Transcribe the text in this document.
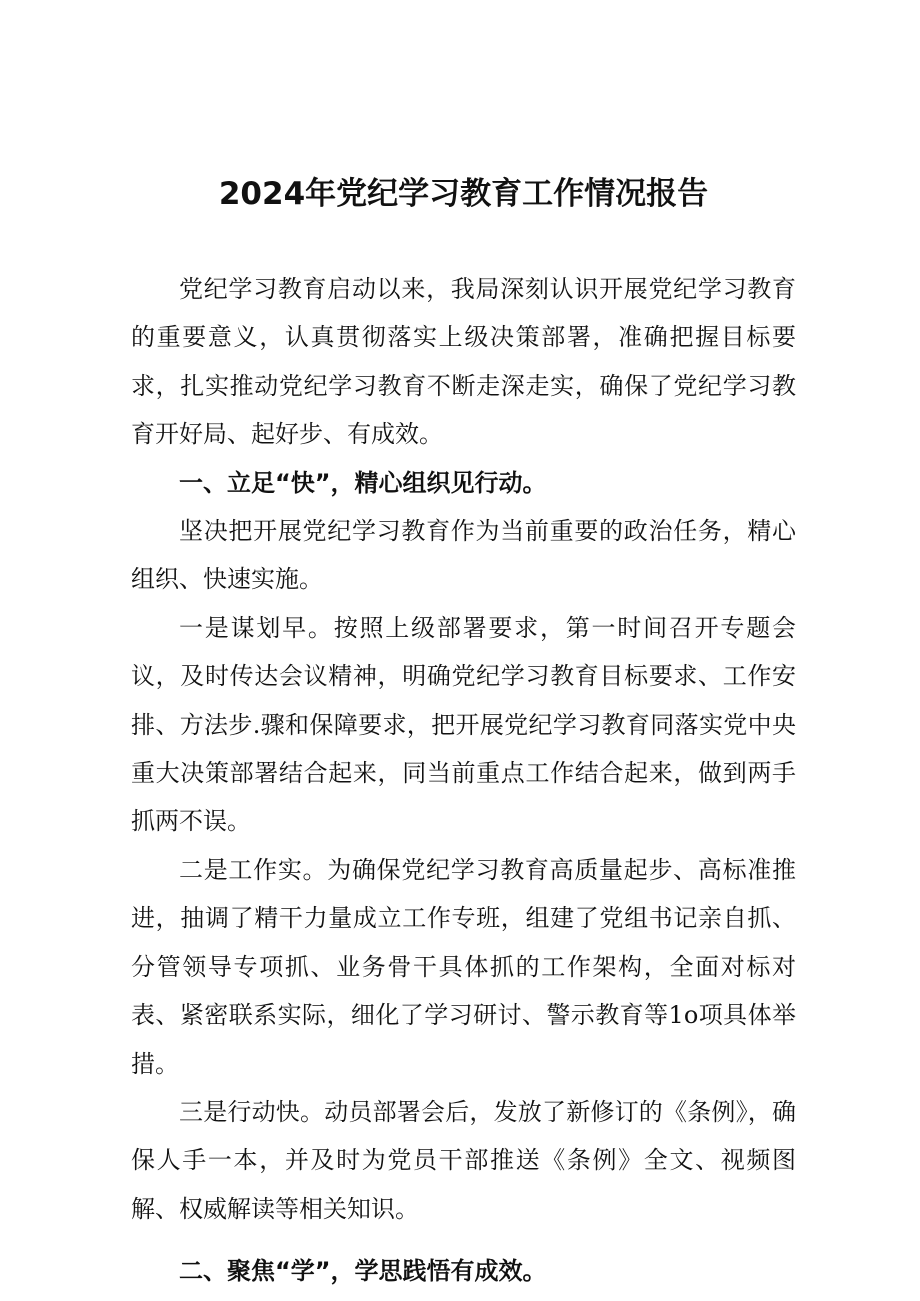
2024年党纪学习教育工作情况报告

党纪学习教育启动以来，我局深刻认识开展党纪学习教育的重要意义，认真贯彻落实上级决策部署，准确把握目标要求，扎实推动党纪学习教育不断走深走实，确保了党纪学习教育开好局、起好步、有成效。

一、立足“快”，精心组织见行动。

坚决把开展党纪学习教育作为当前重要的政治任务，精心组织、快速实施。

一是谋划早。按照上级部署要求，第一时间召开专题会议，及时传达会议精神，明确党纪学习教育目标要求、工作安排、方法步.骤和保障要求，把开展党纪学习教育同落实党中央重大决策部署结合起来，同当前重点工作结合起来，做到两手抓两不误。

二是工作实。为确保党纪学习教育高质量起步、高标准推进，抽调了精干力量成立工作专班，组建了党组书记亲自抓、分管领导专项抓、业务骨干具体抓的工作架构，全面对标对表、紧密联系实际，细化了学习研讨、警示教育等1o项具体举措。

三是行动快。动员部署会后，发放了新修订的《条例》，确保人手一本，并及时为党员干部推送《条例》全文、视频图解、权威解读等相关知识。

二、聚焦“学”，学思践悟有成效。
